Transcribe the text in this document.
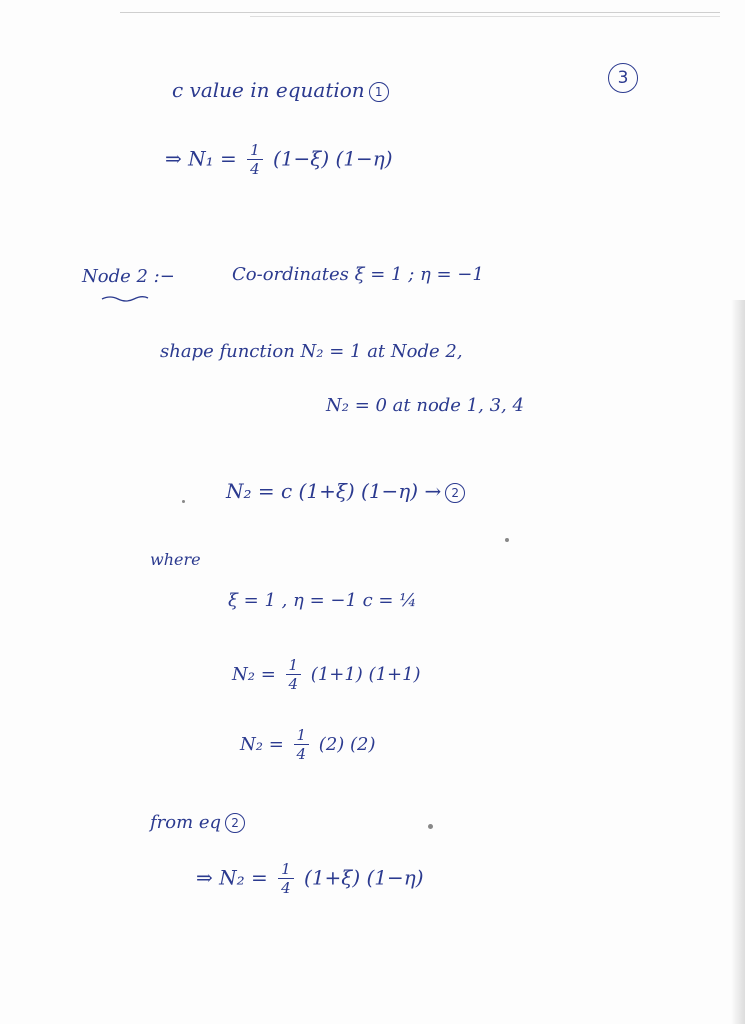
3
c value in equation 1
⇒ $N_1 = \frac{1}{4} (1-\xi)$ (1−η)
Node 2 :−	Co-ordinates ξ = 1 ; η = −1
shape function N₂ = 1 at Node 2,
N₂ = 0 at node 1, 3, 4
N₂ = c (1+ξ) (1−η) → 2
where
ξ = 1 , η = −1 c = ¼
$N_2 = \frac{1}{4} (1+1)$ (1+1)
$N_2 = \frac{1}{4} (2)$ (2)
from eq 2
⇒ $N_2 = \frac{1}{4} (1+\xi)$ (1−η)
